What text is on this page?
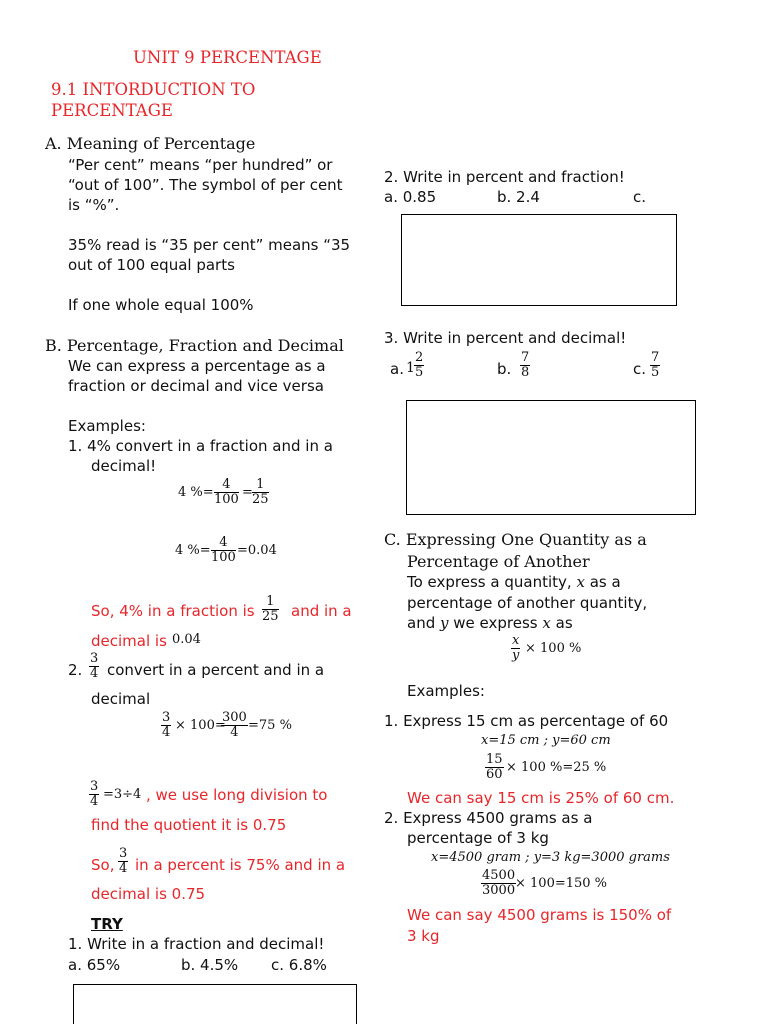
UNIT 9 PERCENTAGE
9.1 INTORDUCTION TO
PERCENTAGE
A. Meaning of Percentage
“Per cent” means “per hundred” or
“out of 100”. The symbol of per cent
is “%”.
35% read is “35 per cent” means “35
out of 100 equal parts
If one whole equal 100%
B. Percentage, Fraction and Decimal
We can express a percentage as a
fraction or decimal and vice versa
Examples:
1. 4% convert in a fraction and in a
decimal!
4 %= $\frac{4}{100} = \frac{1}{25}$
4 %= $\frac{4}{100} =0.04$
So, 4% in a fraction is $\frac{1}{25}$ and in a
decimal is 0.04
2. $\frac{3}{4}$ convert in a percent and in a
decimal
$\frac{3}{4} \times 100=$
$\frac{300}{4} =75$ %
$\frac{3}{4} =3\div 4$ , we use long division to
find the quotient it is 0.75
So, $\frac{3}{4}$ in a percent is 75% and in a
decimal is 0.75
TRY
1. Write in a fraction and decimal!
a. 65%	b. 4.5% c. 6.8%
2. Write in percent and fraction!
a. 0.85	b. 2.4	c.
3. Write in percent and decimal!
a. $1 \frac{2}{5}$	b. $\frac{7}{8}$	c. $\frac{7}{5}$
C. Expressing One Quantity as a
Percentage of Another
To express a quantity, x as a
percentage of another quantity,
and y we express x as
$\frac{x}{y} \times 100$ %
Examples:
1. Express 15 cm as percentage of 60
x=15 cm ; y=60 cm
$\frac{15}{60} \times 100$ %=25 %
We can say 15 cm is 25% of 60 cm.
2. Express 4500 grams as a
percentage of 3 kg
x=4500 gram ; y=3 kg=3000 grams
$\frac{4500}{3000}$
× 100=150 %
We can say 4500 grams is 150% of
3 kg
